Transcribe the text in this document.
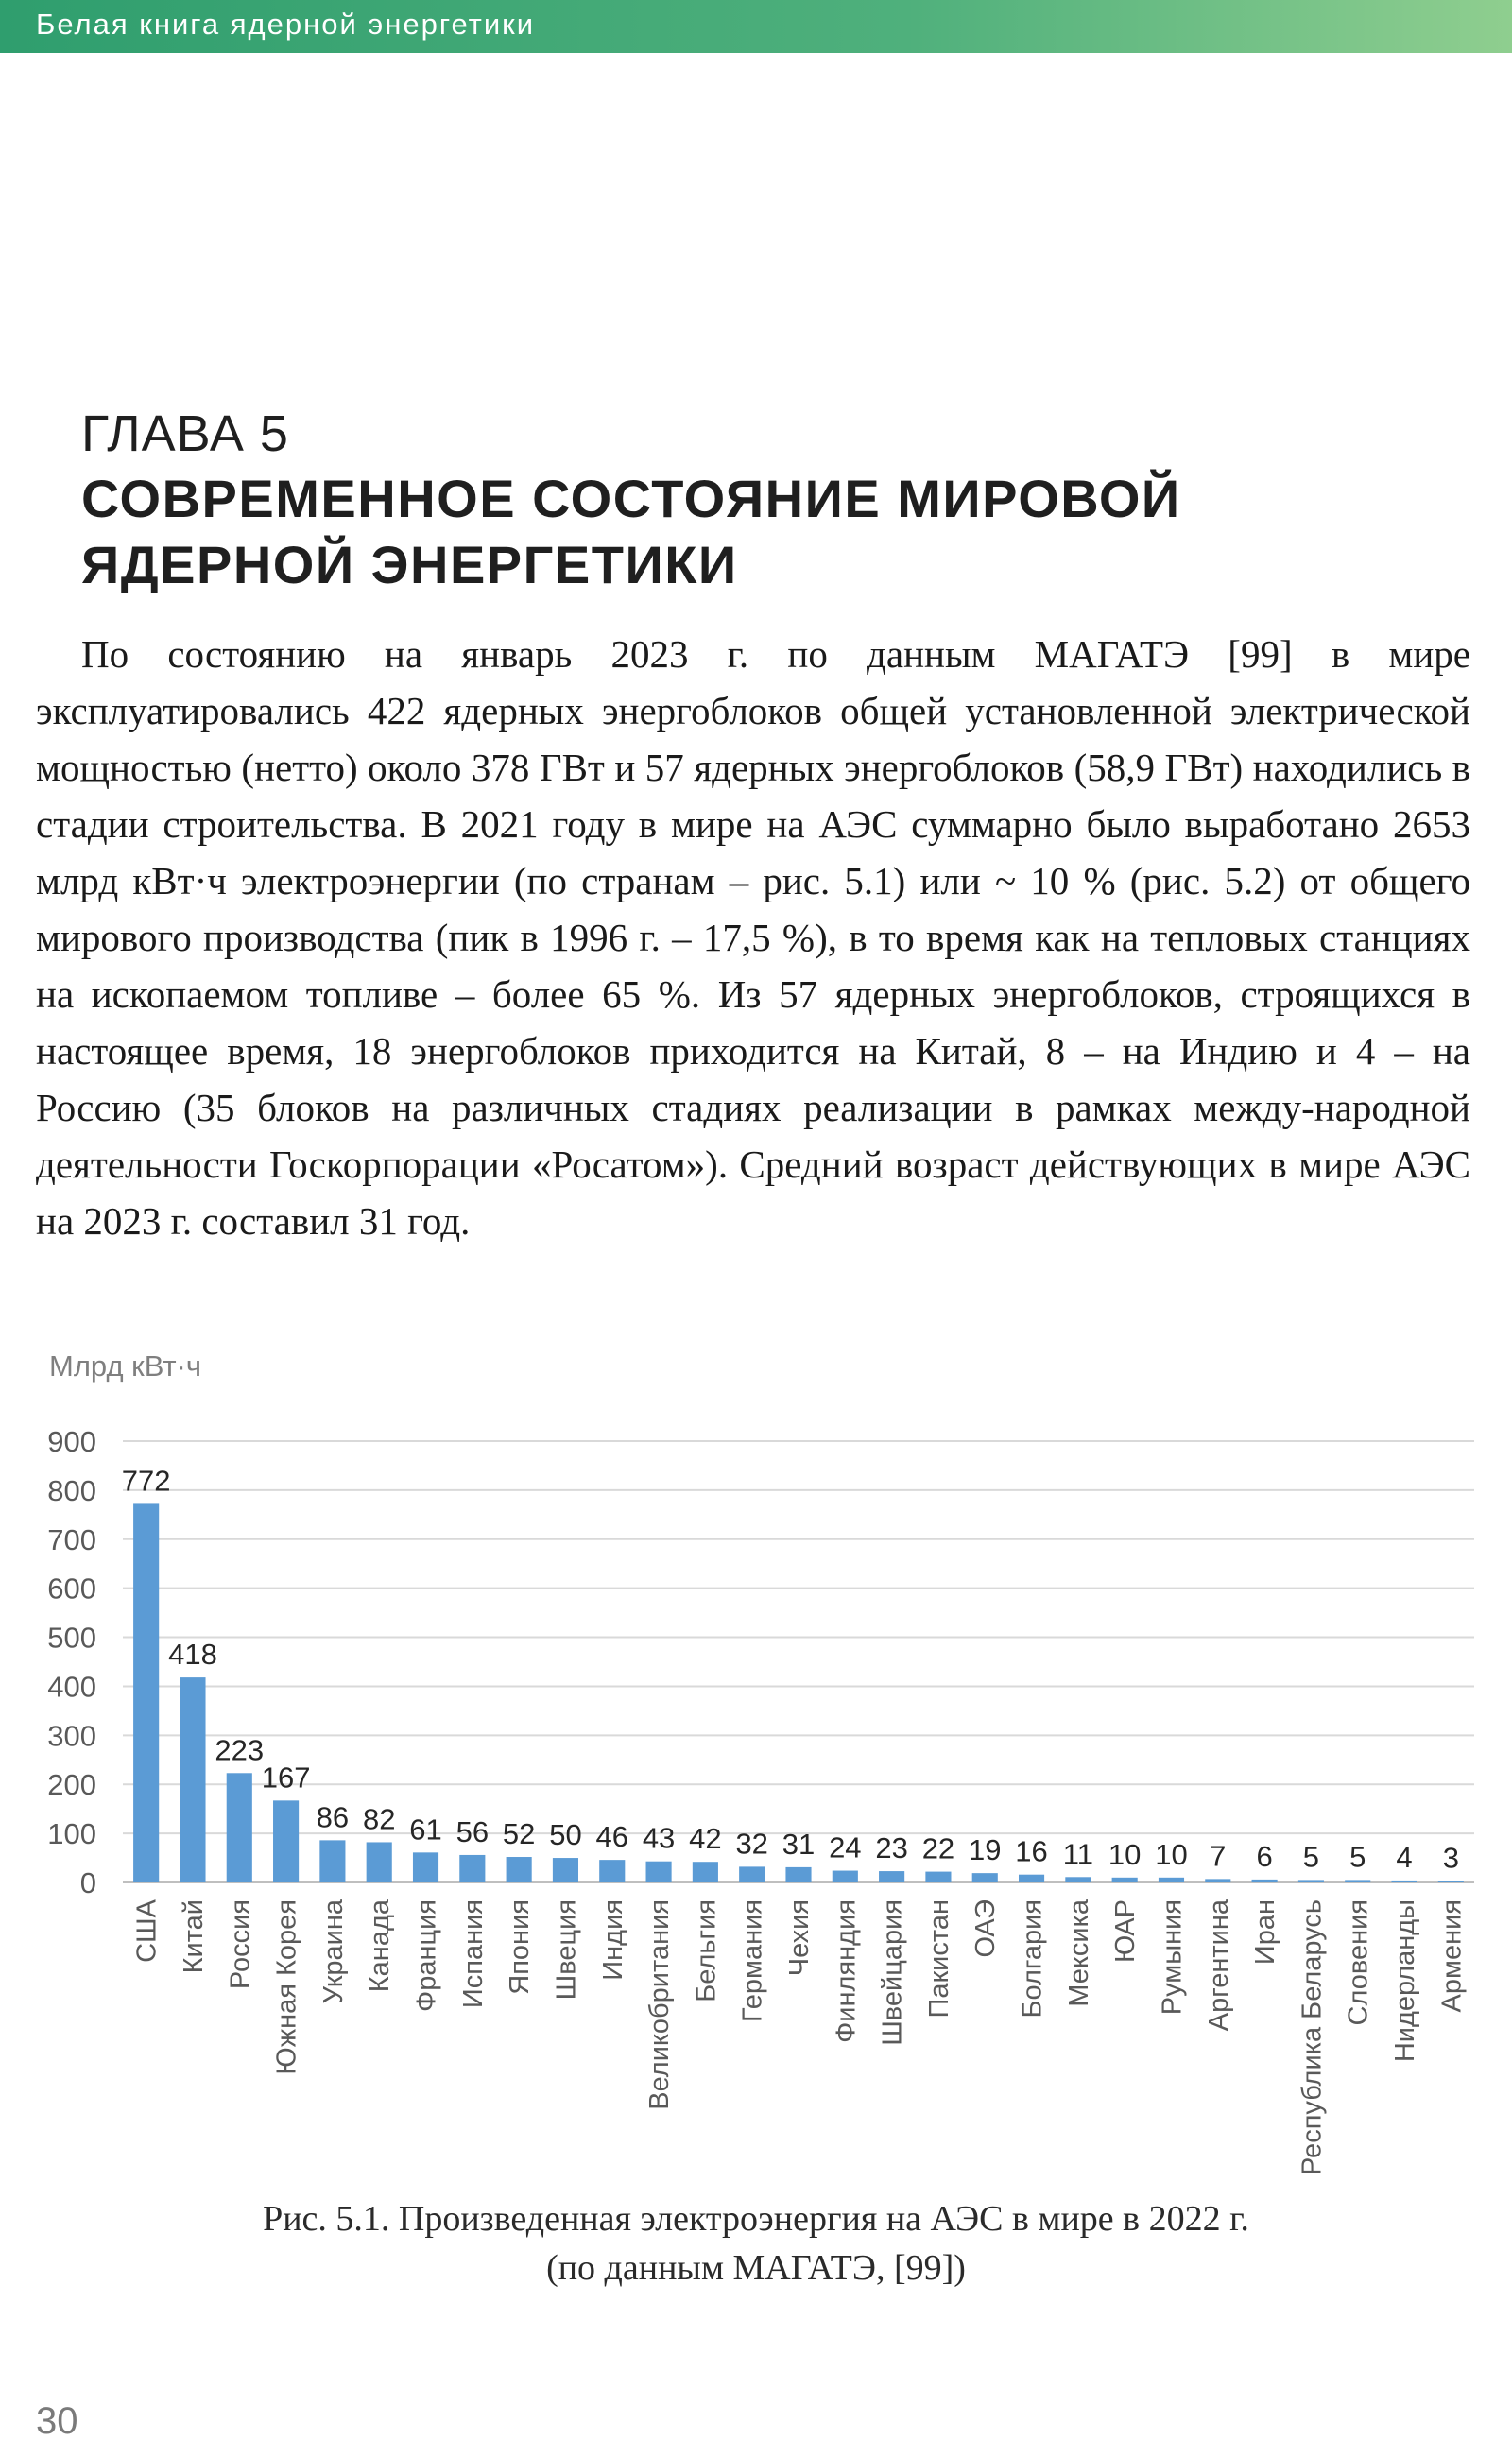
Белая книга ядерной энергетики
ГЛАВА 5
СОВРЕМЕННОЕ СОСТОЯНИЕ МИРОВОЙ
ЯДЕРНОЙ ЭНЕРГЕТИКИ
По состоянию на январь 2023 г. по данным МАГАТЭ [99] в мире эксплуатировались 422 ядерных энергоблоков общей установленной электрической мощностью (нетто) около 378 ГВт и 57 ядерных энергоблоков (58,9 ГВт) находились в стадии строительства. В 2021 году в мире на АЭС суммарно было выработано 2653 млрд кВт·ч электроэнергии (по странам – рис. 5.1) или ~ 10 % (рис. 5.2) от общего мирового производства (пик в 1996 г. – 17,5 %), в то время как на тепловых станциях на ископаемом топливе – более 65 %. Из 57 ядерных энергоблоков, строящихся в настоящее время, 18 энергоблоков приходится на Китай, 8 – на Индию и 4 – на Россию (35 блоков на различных стадиях реализации в рамках между-народной деятельности Госкорпорации «Росатом»). Средний возраст действующих в мире АЭС на 2023 г. составил 31 год.
Млрд кВт·ч
0
100
200
300
400
500
600
700
800
900
772
418
223
167
86 82 61 56 52 50 46 43 42 32 31 24 23 22 19 16 11 10 10 7 6 5 5 4 3
США Китай Россия Южная Корея Украина Канада Франция Испания Япония Швеция Индия Великобритания Бельгия Германия Чехия Финляндия Швейцария Пакистан ОАЭ Болгария Мексика ЮАР Румыния Аргентина Иран Республика Беларусь Словения Нидерланды Армения
Рис. 5.1. Произведенная электроэнергия на АЭС в мире в 2022 г.
(по данным МАГАТЭ, [99])
30
